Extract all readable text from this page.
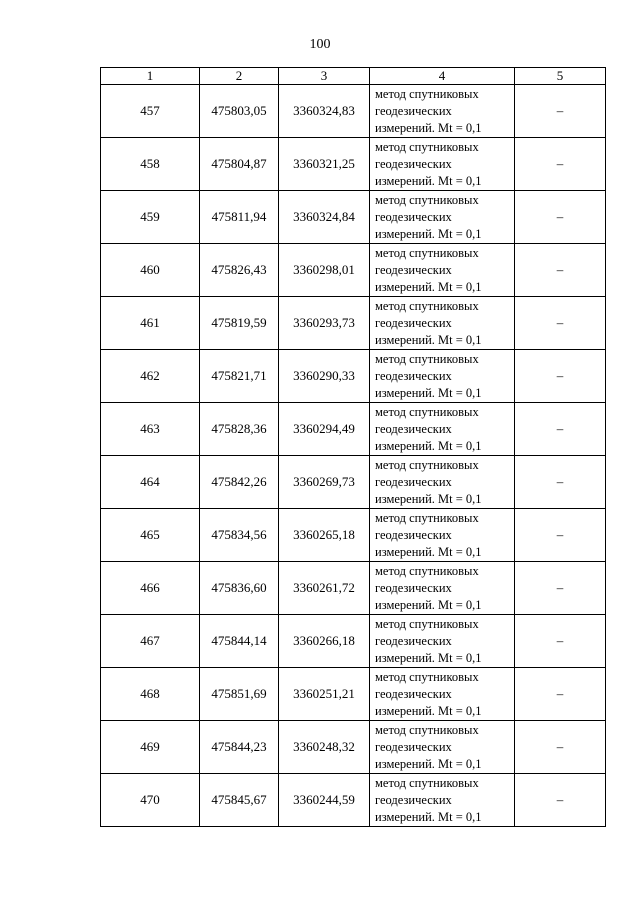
100
1	2	3	4	5
457	475803,05	3360324,83	метод спутниковых
геодезических
измерений. Mt = 0,1	–
458	475804,87	3360321,25	метод спутниковых
геодезических
измерений. Mt = 0,1	–
459	475811,94	3360324,84	метод спутниковых
геодезических
измерений. Mt = 0,1	–
460	475826,43	3360298,01	метод спутниковых
геодезических
измерений. Mt = 0,1	–
461	475819,59	3360293,73	метод спутниковых
геодезических
измерений. Mt = 0,1	–
462	475821,71	3360290,33	метод спутниковых
геодезических
измерений. Mt = 0,1	–
463	475828,36	3360294,49	метод спутниковых
геодезических
измерений. Mt = 0,1	–
464	475842,26	3360269,73	метод спутниковых
геодезических
измерений. Mt = 0,1	–
465	475834,56	3360265,18	метод спутниковых
геодезических
измерений. Mt = 0,1	–
466	475836,60	3360261,72	метод спутниковых
геодезических
измерений. Mt = 0,1	–
467	475844,14	3360266,18	метод спутниковых
геодезических
измерений. Mt = 0,1	–
468	475851,69	3360251,21	метод спутниковых
геодезических
измерений. Mt = 0,1	–
469	475844,23	3360248,32	метод спутниковых
геодезических
измерений. Mt = 0,1	–
470	475845,67	3360244,59	метод спутниковых
геодезических
измерений. Mt = 0,1	–
